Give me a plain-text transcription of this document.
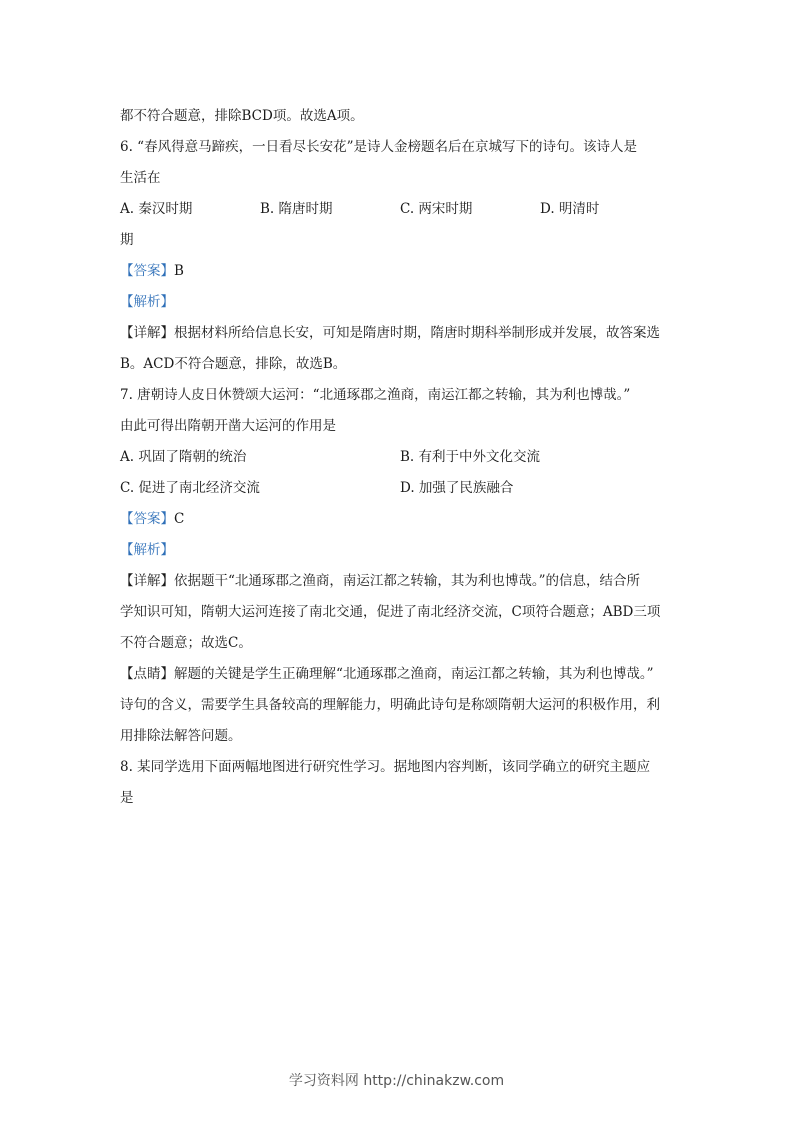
都不符合题意，排除BCD项。故选A项。
6. “春风得意马蹄疾，一日看尽长安花”是诗人金榜题名后在京城写下的诗句。该诗人是
生活在
A. 秦汉时期	B. 隋唐时期	C. 两宋时期	D. 明清时
期
【答案】B
【解析】
【详解】根据材料所给信息长安，可知是隋唐时期，隋唐时期科举制形成并发展，故答案选
B。ACD不符合题意，排除，故选B。
7. 唐朝诗人皮日休赞颂大运河：“北通琢郡之渔商，南运江都之转输，其为利也博哉。”
由此可得出隋朝开凿大运河的作用是
A. 巩固了隋朝的统治	B. 有利于中外文化交流
C. 促进了南北经济交流	D. 加强了民族融合
【答案】C
【解析】
【详解】依据题干“北通琢郡之渔商，南运江都之转输，其为利也博哉。”的信息，结合所
学知识可知，隋朝大运河连接了南北交通，促进了南北经济交流，C项符合题意；ABD三项
不符合题意；故选C。
【点睛】解题的关键是学生正确理解“北通琢郡之渔商，南运江都之转输，其为利也博哉。”
诗句的含义，需要学生具备较高的理解能力，明确此诗句是称颂隋朝大运河的积极作用，利
用排除法解答问题。
8. 某同学选用下面两幅地图进行研究性学习。据地图内容判断，该同学确立的研究主题应
是
学习资料网 http://chinakzw.com
